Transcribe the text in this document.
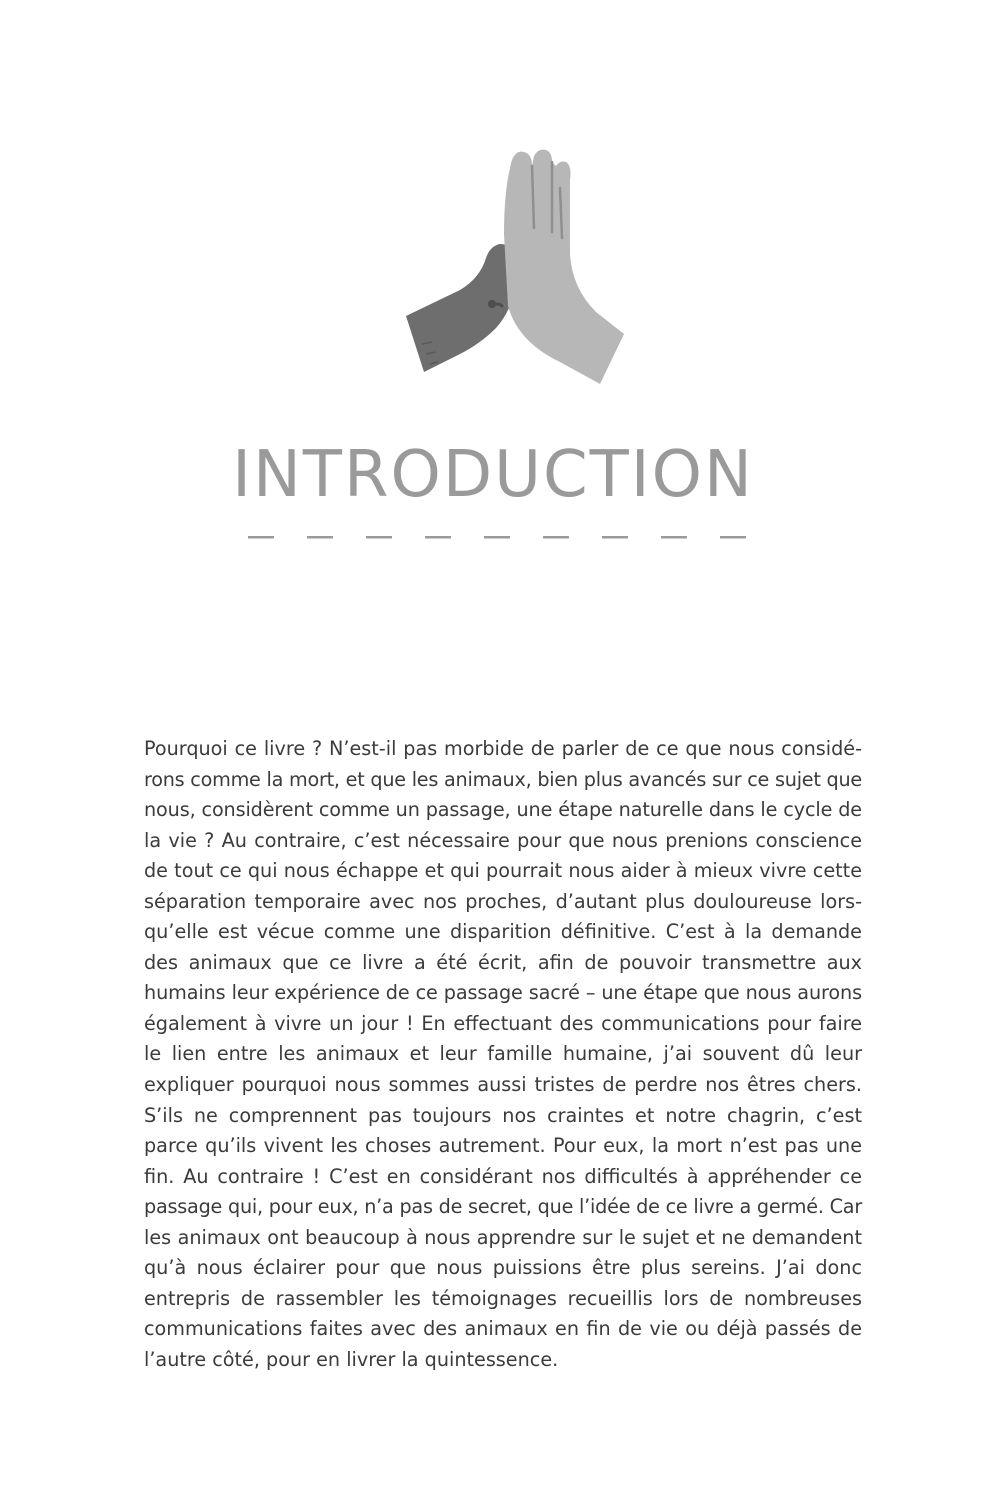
INTRODUCTION

Pourquoi ce livre ? N’est-il pas morbide de parler de ce que nous considé-
rons comme la mort, et que les animaux, bien plus avancés sur ce sujet que
nous, considèrent comme un passage, une étape naturelle dans le cycle de
la vie ? Au contraire, c’est nécessaire pour que nous prenions conscience
de tout ce qui nous échappe et qui pourrait nous aider à mieux vivre cette
séparation temporaire avec nos proches, d’autant plus douloureuse lors-
qu’elle est vécue comme une disparition définitive. C’est à la demande
des animaux que ce livre a été écrit, afin de pouvoir transmettre aux
humains leur expérience de ce passage sacré – une étape que nous aurons
également à vivre un jour ! En effectuant des communications pour faire
le lien entre les animaux et leur famille humaine, j’ai souvent dû leur
expliquer pourquoi nous sommes aussi tristes de perdre nos êtres chers.
S’ils ne comprennent pas toujours nos craintes et notre chagrin, c’est
parce qu’ils vivent les choses autrement. Pour eux, la mort n’est pas une
fin. Au contraire ! C’est en considérant nos difficultés à appréhender ce
passage qui, pour eux, n’a pas de secret, que l’idée de ce livre a germé. Car
les animaux ont beaucoup à nous apprendre sur le sujet et ne demandent
qu’à nous éclairer pour que nous puissions être plus sereins. J’ai donc
entrepris de rassembler les témoignages recueillis lors de nombreuses
communications faites avec des animaux en fin de vie ou déjà passés de
l’autre côté, pour en livrer la quintessence.
